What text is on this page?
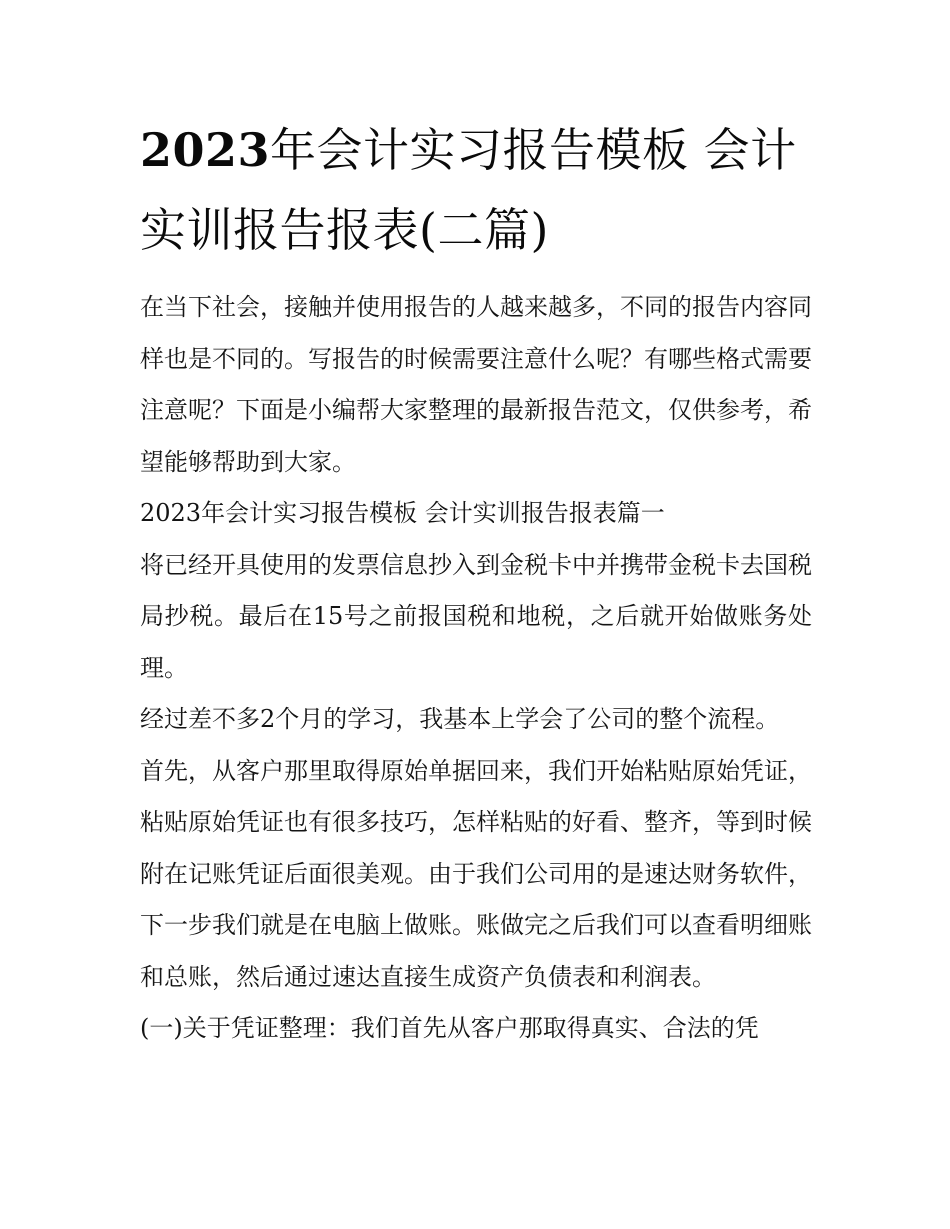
2023年会计实习报告模板 会计实训报告报表(二篇)

在当下社会，接触并使用报告的人越来越多，不同的报告内容同样也是不同的。写报告的时候需要注意什么呢？有哪些格式需要注意呢？下面是小编帮大家整理的最新报告范文，仅供参考，希望能够帮助到大家。

2023年会计实习报告模板 会计实训报告报表篇一

将已经开具使用的发票信息抄入到金税卡中并携带金税卡去国税局抄税。最后在15号之前报国税和地税，之后就开始做账务处理。

经过差不多2个月的学习，我基本上学会了公司的整个流程。

首先，从客户那里取得原始单据回来，我们开始粘贴原始凭证，粘贴原始凭证也有很多技巧，怎样粘贴的好看、整齐，等到时候附在记账凭证后面很美观。由于我们公司用的是速达财务软件，下一步我们就是在电脑上做账。账做完之后我们可以查看明细账和总账，然后通过速达直接生成资产负债表和利润表。

(一)关于凭证整理：我们首先从客户那取得真实、合法的凭
